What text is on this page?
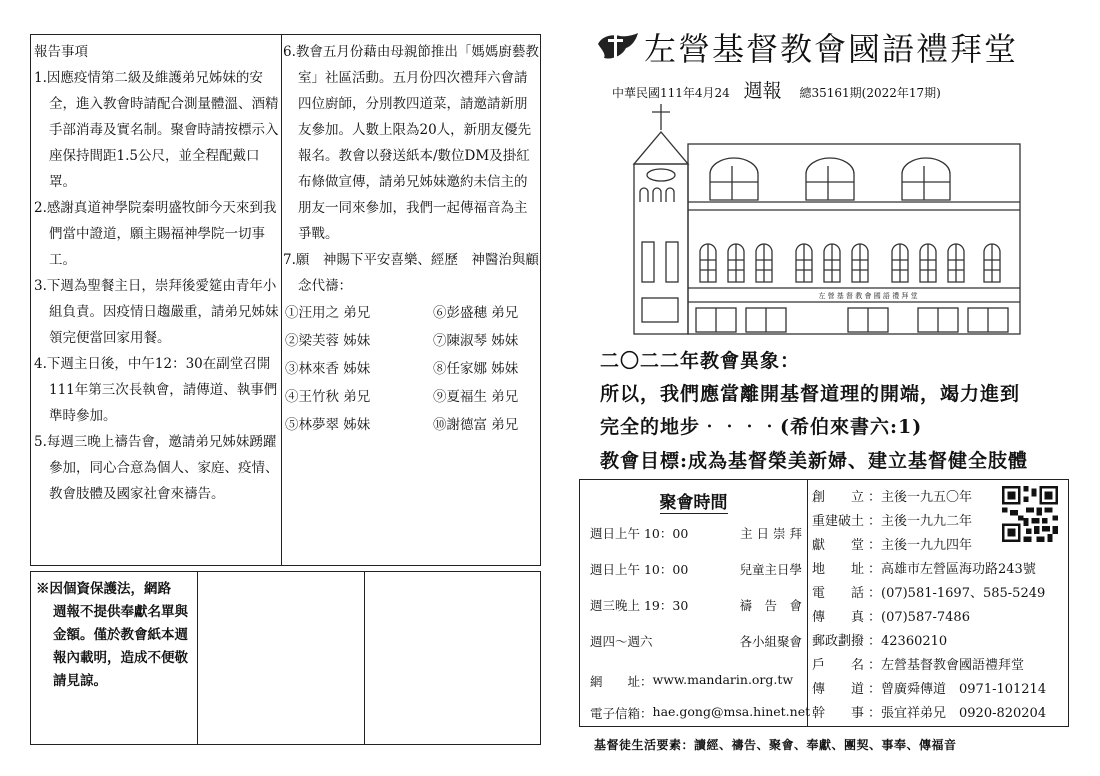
報告事項
1.因應疫情第二級及維護弟兄姊妹的安全，進入教會時請配合測量體溫、酒精手部消毒及實名制。聚會時請按標示入座保持間距1.5公尺，並全程配戴口罩。
2.感謝真道神學院秦明盛牧師今天來到我們當中證道，願主賜福神學院一切事工。
3.下週為聖餐主日，崇拜後愛筵由青年小組負責。因疫情日趨嚴重，請弟兄姊妹領完便當回家用餐。
4.下週主日後，中午12：30在副堂召開111年第三次長執會，請傳道、執事們準時參加。
5.每週三晚上禱告會，邀請弟兄姊妹踴躍參加，同心合意為個人、家庭、疫情、教會肢體及國家社會來禱告。
6.教會五月份藉由母親節推出「媽媽廚藝教室」社區活動。五月份四次禮拜六會請四位廚師，分別教四道菜，請邀請新朋友參加。人數上限為20人，新朋友優先報名。教會以發送紙本/數位DM及掛紅布條做宣傳，請弟兄姊妹邀約未信主的朋友一同來參加，我們一起傳福音為主爭戰。
7.願　神賜下平安喜樂、經歷　神醫治與顧念代禱：
①汪用之 弟兄	⑥彭盛穗 弟兄
②梁芙蓉 姊妹	⑦陳淑琴 姊妹
③林來香 姊妹	⑧任家娜 姊妹
④王竹秋 弟兄	⑨夏福生 弟兄
⑤林夢翠 姊妹	⑩謝德富 弟兄
※因個資保護法，網路
週報不提供奉獻名單與金額。僅於教會紙本週報內載明，造成不便敬請見諒。
左營基督教會國語禮拜堂
中華民國111年4月24 週報 總35161期(2022年17期)
左 營 基 督 教 會 國 語 禮 拜 堂
二〇二二年教會異象：
所以，我們應當離開基督道理的開端，竭力進到
完全的地步‧‧‧‧(希伯來書六:1)
教會目標:成為基督榮美新婦、建立基督健全肢體
聚會時間
週日上午 10：00	主 日 崇 拜
週日上午 10：00	兒童主日學
週三晚上 19：30	禱　告　會
週四～週六	各小組聚會
網　　址： www.mandarin.org.tw
電子信箱： hae.gong@msa.hinet.net
創　　立 ：主後一九五〇年
重建破土 ：主後一九九二年
獻　　堂 ：主後一九九四年
地　　址 ：高雄市左營區海功路243號
電　　話 ：(07)581-1697、585-5249
傳　　真 ：(07)587-7486
郵政劃撥 ：42360210
戶　　名 ：左營基督教會國語禮拜堂
傳　　道 ：曾廣舜傳道　0971-101214
幹　　事 ：張宜祥弟兄　0920-820204
基督徒生活要素：讀經、禱告、聚會、奉獻、團契、事奉、傳福音
